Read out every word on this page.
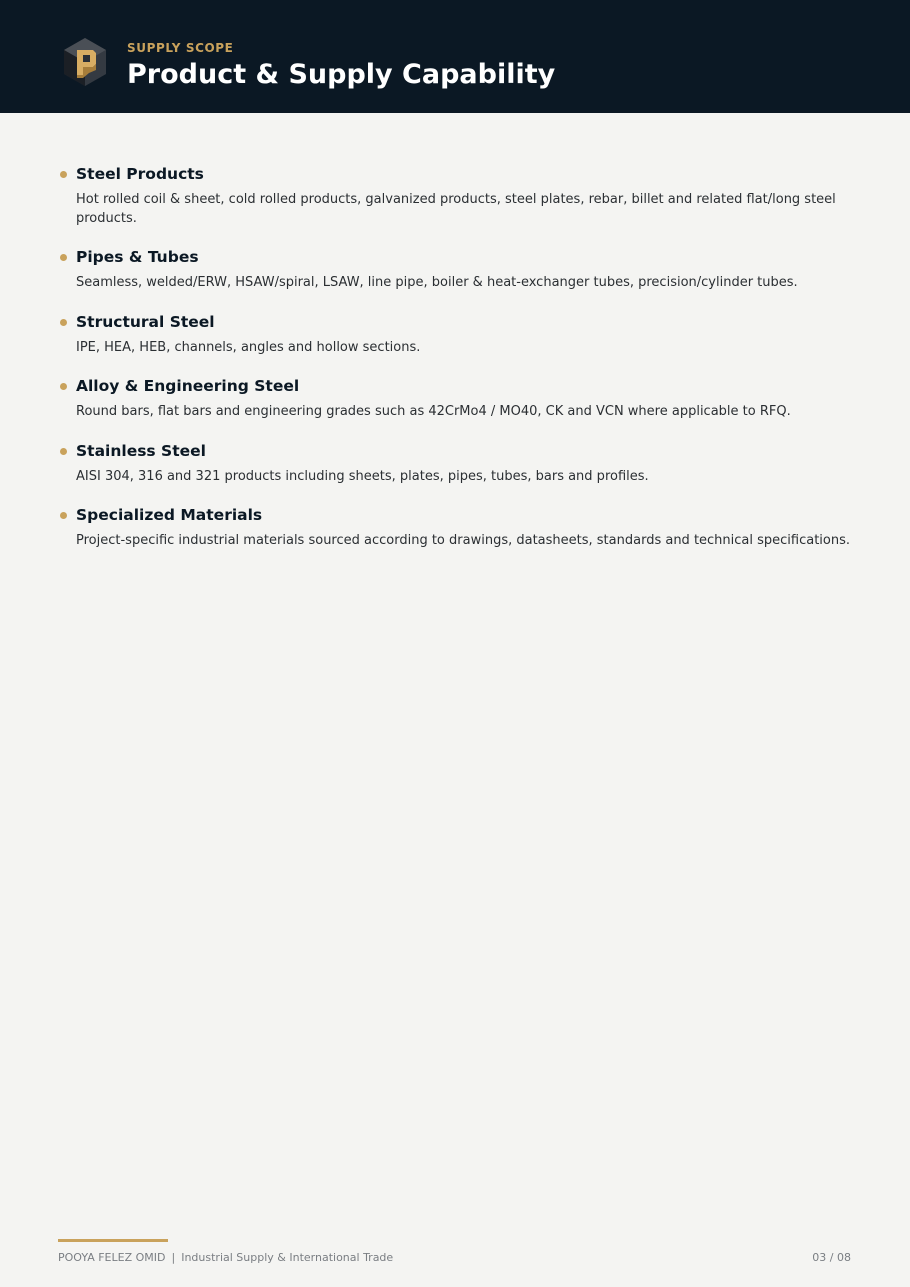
SUPPLY SCOPE
Product & Supply Capability
Steel Products
Hot rolled coil & sheet, cold rolled products, galvanized products, steel plates, rebar, billet and related flat/long steel products.
Pipes & Tubes
Seamless, welded/ERW, HSAW/spiral, LSAW, line pipe, boiler & heat-exchanger tubes, precision/cylinder tubes.
Structural Steel
IPE, HEA, HEB, channels, angles and hollow sections.
Alloy & Engineering Steel
Round bars, flat bars and engineering grades such as 42CrMo4 / MO40, CK and VCN where applicable to RFQ.
Stainless Steel
AISI 304, 316 and 321 products including sheets, plates, pipes, tubes, bars and profiles.
Specialized Materials
Project-specific industrial materials sourced according to drawings, datasheets, standards and technical specifications.
POOYA FELEZ OMID | Industrial Supply & International Trade	03 / 08
